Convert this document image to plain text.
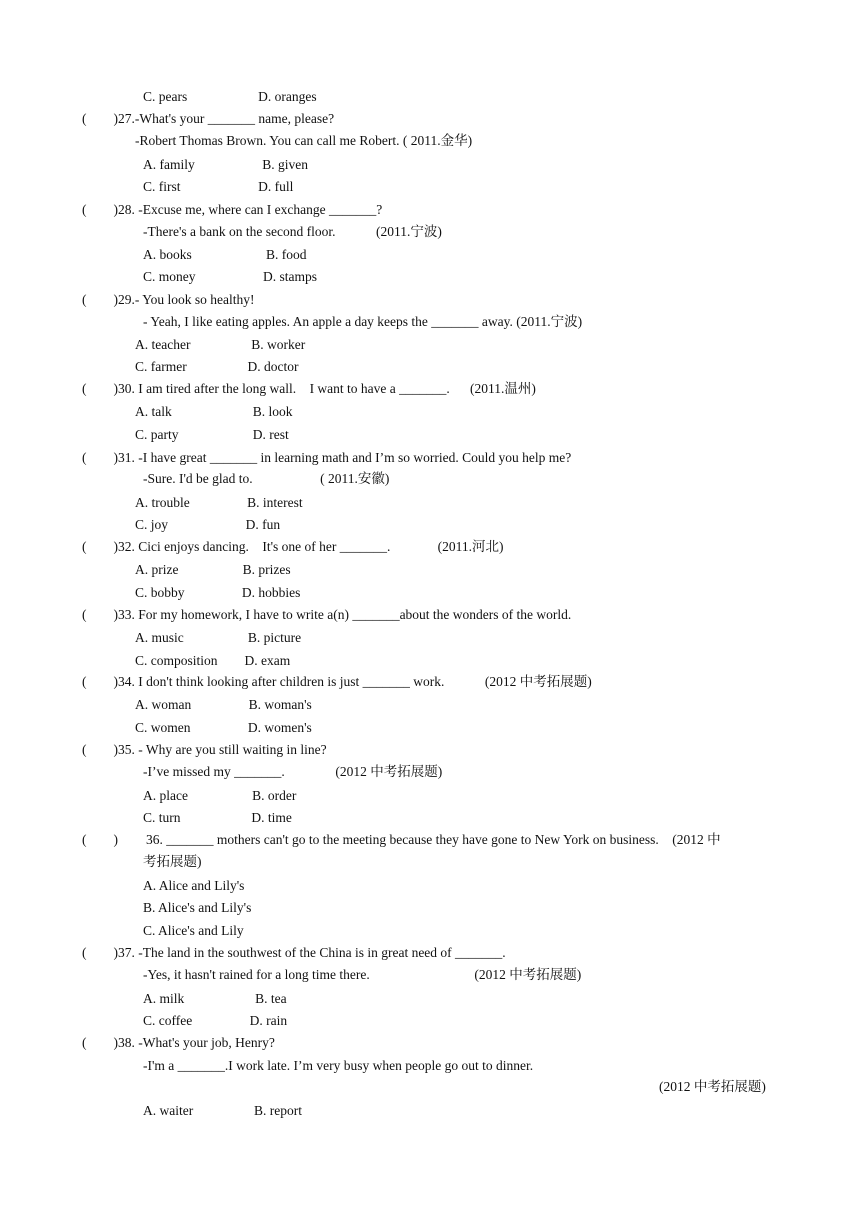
C. pears                     D. oranges
(        ) 27.-What's your _______ name, please?
-Robert Thomas Brown. You can call me Robert. ( 2011.金华)
A. family                    B. given
C. first                       D. full
(        ) 28. -Excuse me, where can I exchange _______?
-There's a bank on the second floor.            (2011.宁波)
A. books                      B. food
C. money                    D. stamps
(        ) 29.- You look so healthy!
- Yeah, I like eating apples. An apple a day keeps the _______ away. (2011.宁波)
A. teacher                  B. worker
C. farmer                  D. doctor
(        ) 30. I am tired after the long wall.    I want to have a _______.      (2011.温州)
A. talk                        B. look
C. party                      D. rest
(        ) 31. -I have great _______ in learning math and I’m so worried. Could you help me?
-Sure. I'd be glad to.                    ( 2011.安徽)
A. trouble                 B. interest
C. joy                       D. fun
(        ) 32. Cici enjoys dancing.    It's one of her _______.              (2011.河北)
A. prize                   B. prizes
C. bobby                 D. hobbies
(        ) 33. For my homework, I have to write a(n) _______about the wonders of the world.
A. music                   B. picture
C. composition        D. exam
(        ) 34. I don't think looking after children is just _______ work.            (2012 中考拓展题)
A. woman                 B. woman's
C. women                 D. women's
(        ) 35. - Why are you still waiting in line?
-I’ve missed my _______.               (2012 中考拓展题)
A. place                   B. order
C. turn                     D. time
(        ) 36. _______ mothers can't go to the meeting because they have gone to New York on business.    (2012 中
考拓展题)
A. Alice and Lily's
B. Alice's and Lily's
C. Alice's and Lily
(        ) 37. -The land in the southwest of the China is in great need of _______.
-Yes, it hasn't rained for a long time there.                               (2012 中考拓展题)
A. milk                     B. tea
C. coffee                 D. rain
(        ) 38. -What's your job, Henry?
-I'm a _______.I work late. I’m very busy when people go out to dinner.
(2012 中考拓展题)
A. waiter                  B. report
